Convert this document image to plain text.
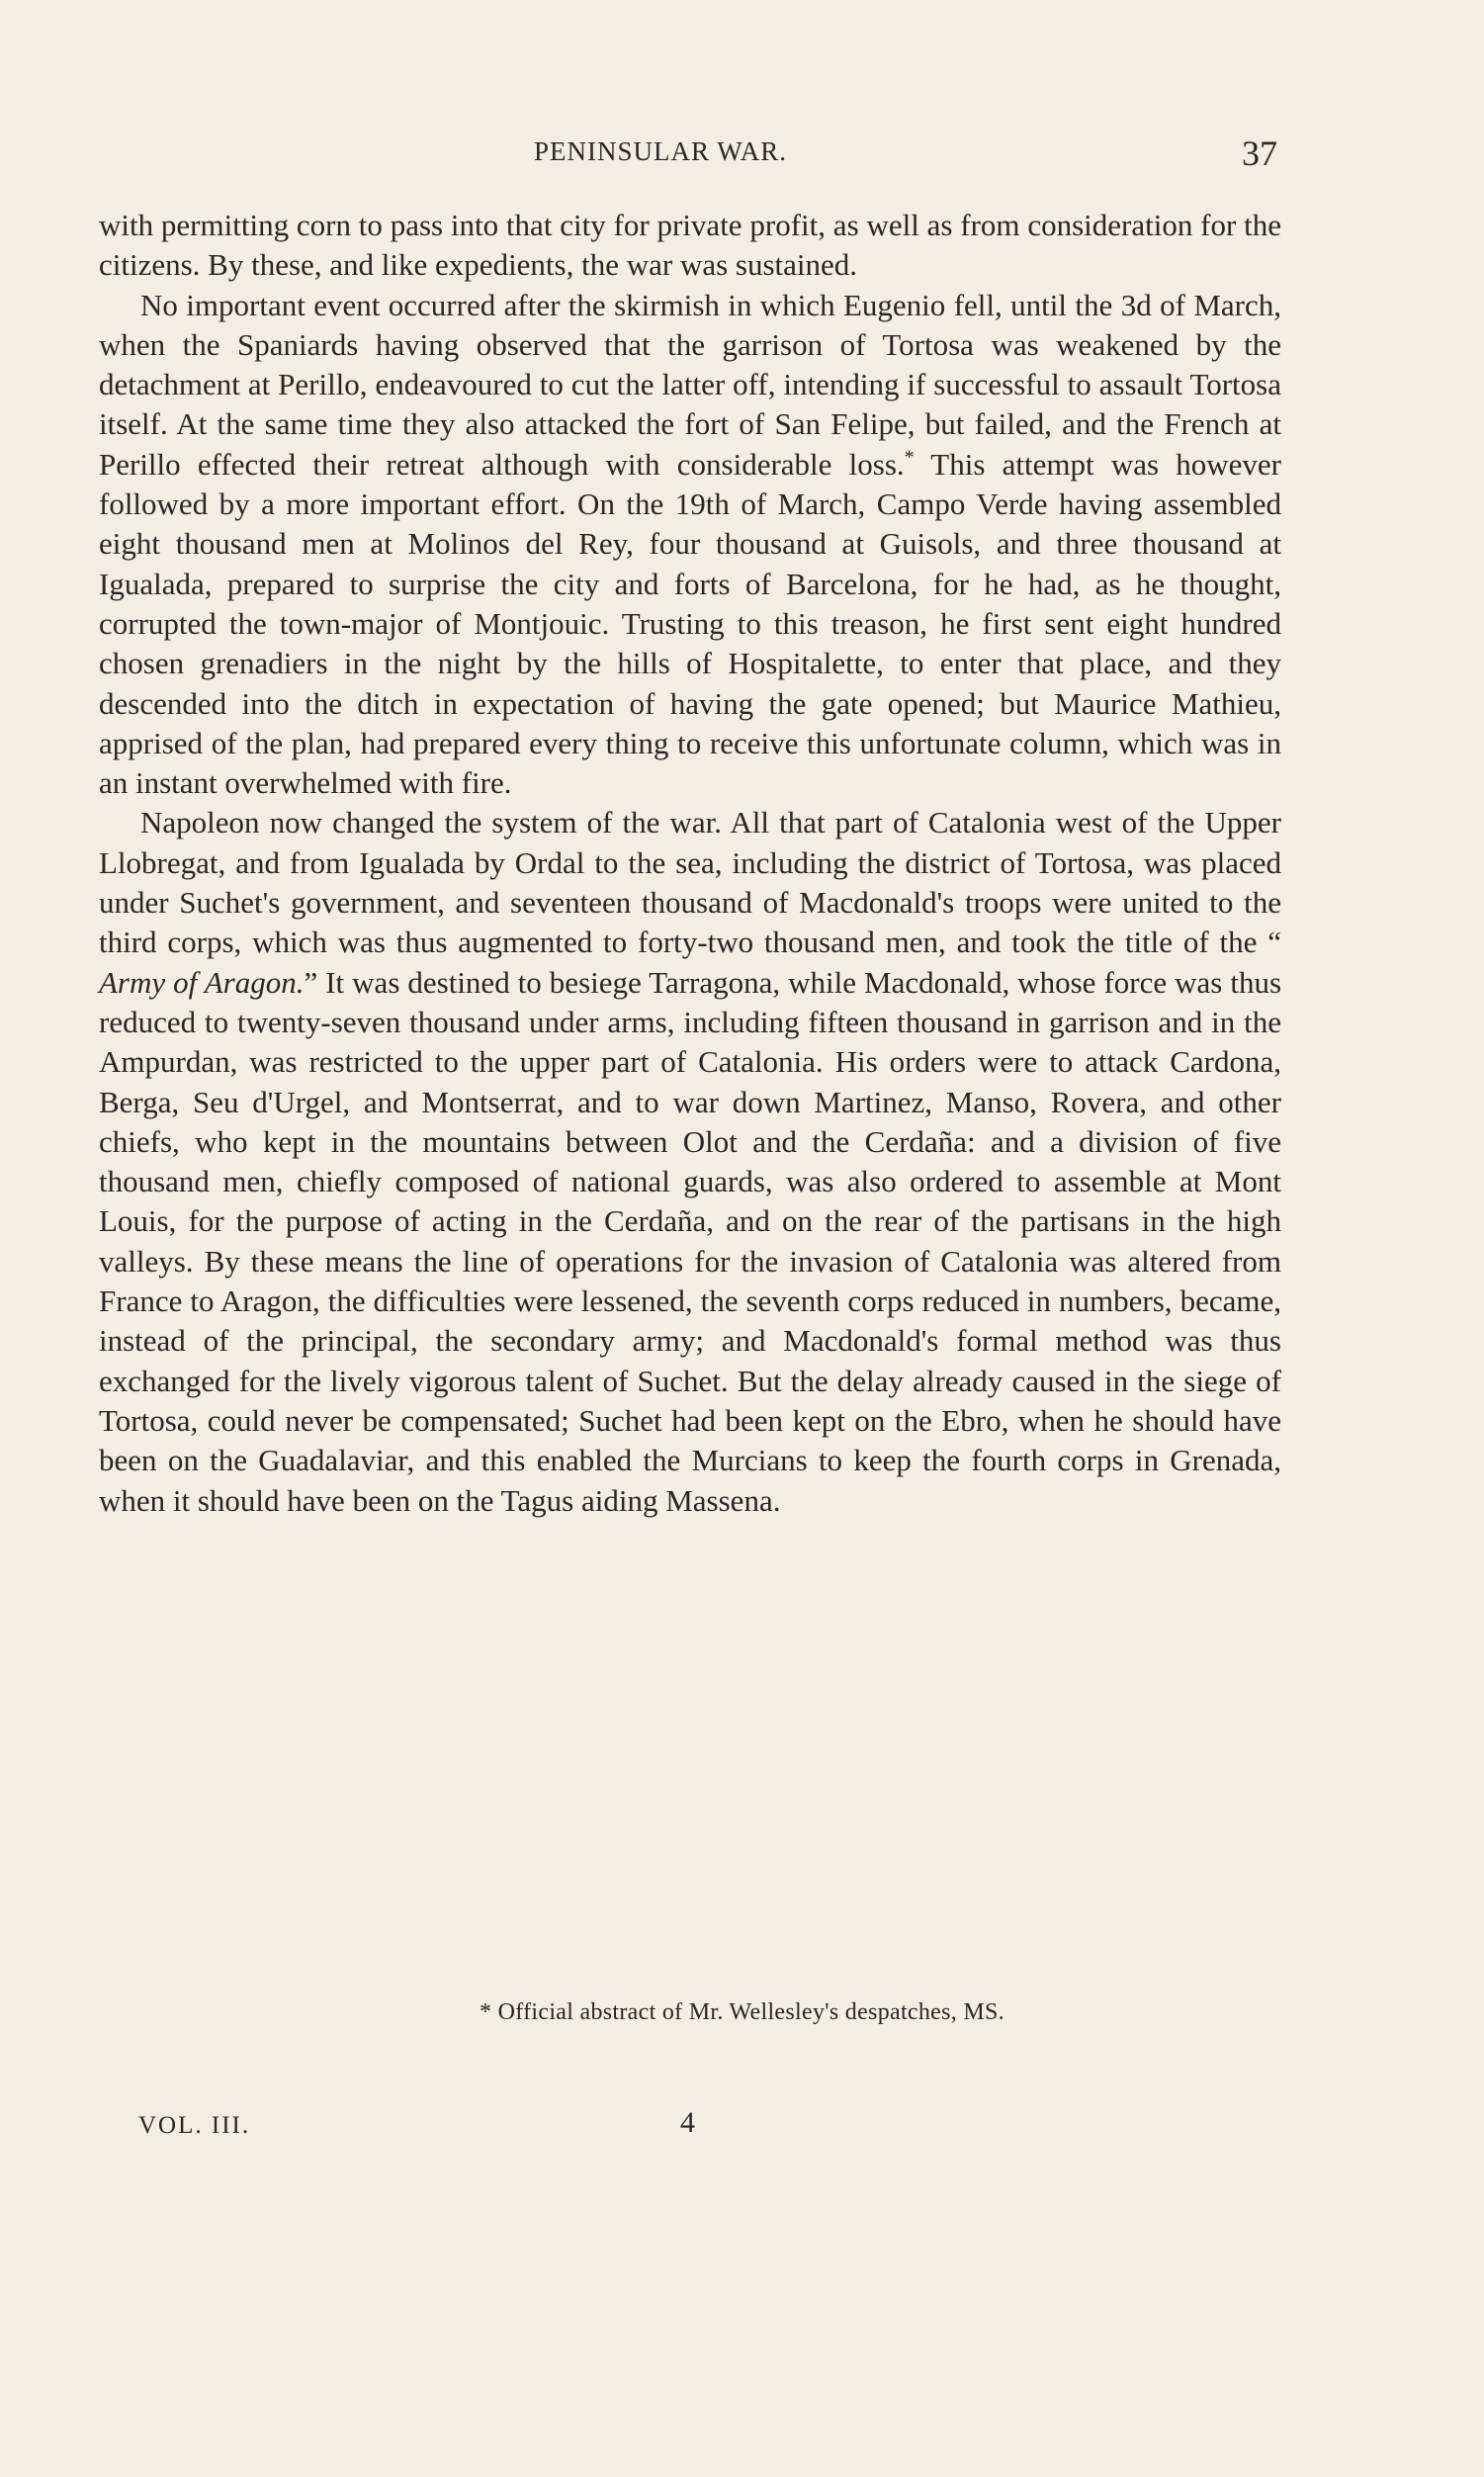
PENINSULAR WAR.	37

with permitting corn to pass into that city for private profit, as well as from consideration for the citizens. By these, and like expedients, the war was sustained.

No important event occurred after the skirmish in which Eugenio fell, until the 3d of March, when the Spaniards having observed that the garrison of Tortosa was weakened by the detachment at Perillo, endeavoured to cut the latter off, intending if successful to assault Tortosa itself. At the same time they also attacked the fort of San Felipe, but failed, and the French at Perillo effected their retreat although with considerable loss.* This attempt was however followed by a more important effort. On the 19th of March, Campo Verde having assembled eight thousand men at Molinos del Rey, four thousand at Guisols, and three thousand at Igualada, prepared to surprise the city and forts of Barcelona, for he had, as he thought, corrupted the town-major of Montjouic. Trusting to this treason, he first sent eight hundred chosen grenadiers in the night by the hills of Hospitalette, to enter that place, and they descended into the ditch in expectation of having the gate opened; but Maurice Mathieu, apprised of the plan, had prepared every thing to receive this unfortunate column, which was in an instant overwhelmed with fire.

Napoleon now changed the system of the war. All that part of Catalonia west of the Upper Llobregat, and from Igualada by Ordal to the sea, including the district of Tortosa, was placed under Suchet's government, and seventeen thousand of Macdonald's troops were united to the third corps, which was thus augmented to forty-two thousand men, and took the title of the “ Army of Aragon.” It was destined to besiege Tarragona, while Macdonald, whose force was thus reduced to twenty-seven thousand under arms, including fifteen thousand in garrison and in the Ampurdan, was restricted to the upper part of Catalonia. His orders were to attack Cardona, Berga, Seu d'Urgel, and Montserrat, and to war down Martinez, Manso, Rovera, and other chiefs, who kept in the mountains between Olot and the Cerdaña: and a division of five thousand men, chiefly composed of national guards, was also ordered to assemble at Mont Louis, for the purpose of acting in the Cerdaña, and on the rear of the partisans in the high valleys. By these means the line of operations for the invasion of Catalonia was altered from France to Aragon, the difficulties were lessened, the seventh corps reduced in numbers, became, instead of the principal, the secondary army; and Macdonald's formal method was thus exchanged for the lively vigorous talent of Suchet. But the delay already caused in the siege of Tortosa, could never be compensated; Suchet had been kept on the Ebro, when he should have been on the Guadalaviar, and this enabled the Murcians to keep the fourth corps in Grenada, when it should have been on the Tagus aiding Massena.

* Official abstract of Mr. Wellesley's despatches, MS.
VOL. III.	4
